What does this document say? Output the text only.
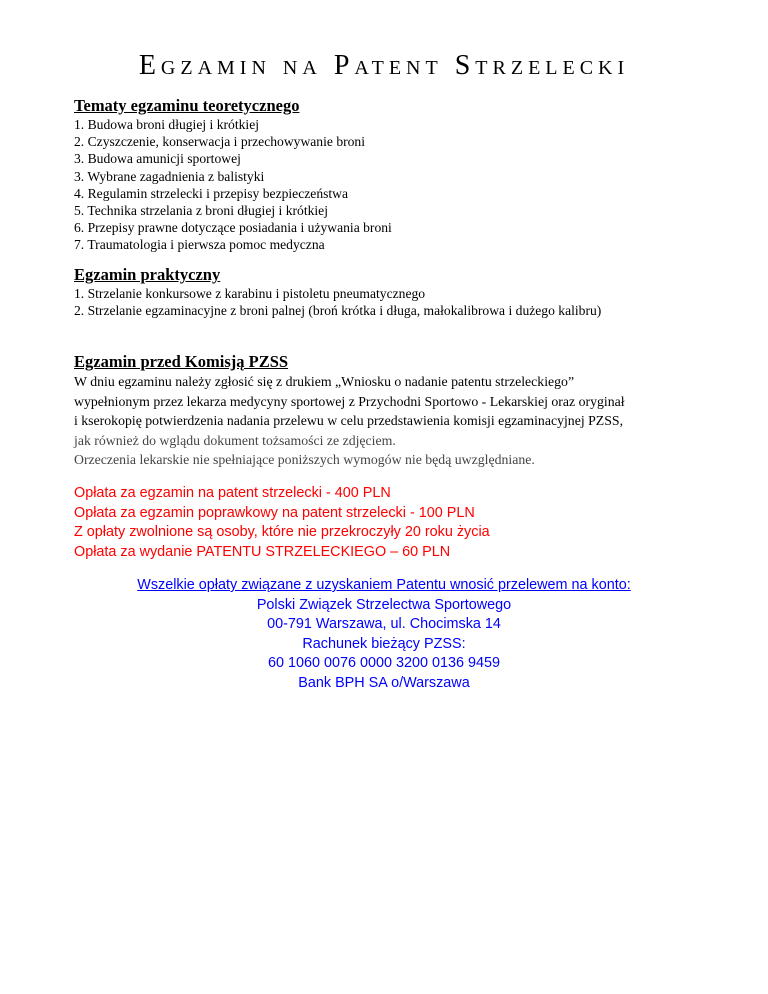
EGZAMIN NA PATENT STRZELECKI
Tematy egzaminu teoretycznego
1. Budowa broni długiej i krótkiej
2. Czyszczenie, konserwacja i przechowywanie broni
3. Budowa amunicji sportowej
3. Wybrane zagadnienia z balistyki
4. Regulamin strzelecki i przepisy bezpieczeństwa
5. Technika strzelania z broni długiej i krótkiej
6. Przepisy prawne dotyczące posiadania i używania broni
7. Traumatologia i pierwsza pomoc medyczna
Egzamin praktyczny
1. Strzelanie konkursowe z karabinu i pistoletu pneumatycznego
2. Strzelanie egzaminacyjne z broni palnej (broń krótka i długa, małokalibrowa i dużego kalibru)
Egzamin przed Komisją PZSS
W dniu egzaminu należy zgłosić się z drukiem „Wniosku o nadanie patentu strzeleckiego”
wypełnionym przez lekarza medycyny sportowej z Przychodni Sportowo - Lekarskiej oraz oryginał
i kserokopię potwierdzenia nadania przelewu w celu przedstawienia komisji egzaminacyjnej PZSS,
jak również do wglądu dokument tożsamości ze zdjęciem.
Orzeczenia lekarskie nie spełniające poniższych wymogów nie będą uwzględniane.
Opłata za egzamin na patent strzelecki - 400 PLN
Opłata za egzamin poprawkowy na patent strzelecki - 100 PLN
Z opłaty zwolnione są osoby, które nie przekroczyły 20 roku życia
Opłata za wydanie PATENTU STRZELECKIEGO – 60 PLN
Wszelkie opłaty związane z uzyskaniem Patentu wnosić przelewem na konto:
Polski Związek Strzelectwa Sportowego
00-791 Warszawa, ul. Chocimska 14
Rachunek bieżący PZSS:
60 1060 0076 0000 3200 0136 9459
Bank BPH SA o/Warszawa
